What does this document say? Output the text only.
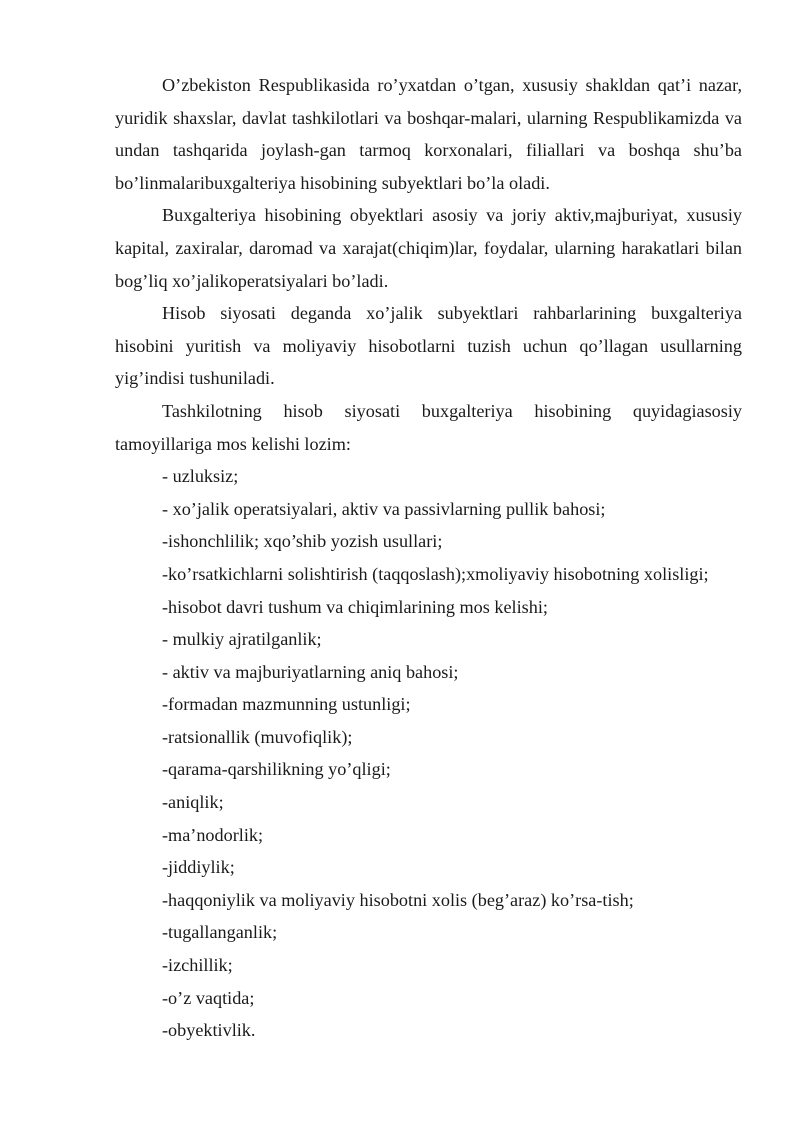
O’zbekiston Respublikasida ro’yxatdan o’tgan, xususiy shakldan qat’i nazar, yuridik shaxslar, davlat tashkilotlari va boshqar-malari, ularning Respublikamizda va undan tashqarida joylash-gan tarmoq korxonalari, filiallari va boshqa shu’ba bo’linmalaribuxgalteriya hisobining subyektlari bo’la oladi.

Buxgalteriya hisobining obyektlari asosiy va joriy aktiv,majburiyat, xususiy kapital, zaxiralar, daromad va xarajat(chiqim)lar, foydalar, ularning harakatlari bilan bog’liq xo’jalikoperatsiyalari bo’ladi.

Hisob siyosati deganda xo’jalik subyektlari rahbarlarining buxgalteriya hisobini yuritish va moliyaviy hisobotlarni tuzish uchun qo’llagan usullarning yig’indisi tushuniladi.

Tashkilotning hisob siyosati buxgalteriya hisobining quyidagiasosiy tamoyillariga mos kelishi lozim:

- uzluksiz;
- xo’jalik operatsiyalari, aktiv va passivlarning pullik bahosi;
-ishonchlilik; xqo’shib yozish usullari;
-ko’rsatkichlarni solishtirish (taqqoslash);xmoliyaviy hisobotning xolisligi;
-hisobot davri tushum va chiqimlarining mos kelishi;
- mulkiy ajratilganlik;
- aktiv va majburiyatlarning aniq bahosi;
-formadan mazmunning ustunligi;
-ratsionallik (muvofiqlik);
-qarama-qarshilikning yo’qligi;
-aniqlik;
-ma’nodorlik;
-jiddiylik;
-haqqoniylik va moliyaviy hisobotni xolis (beg’araz) ko’rsa-tish;
-tugallanganlik;
-izchillik;
-o’z vaqtida;
-obyektivlik.
